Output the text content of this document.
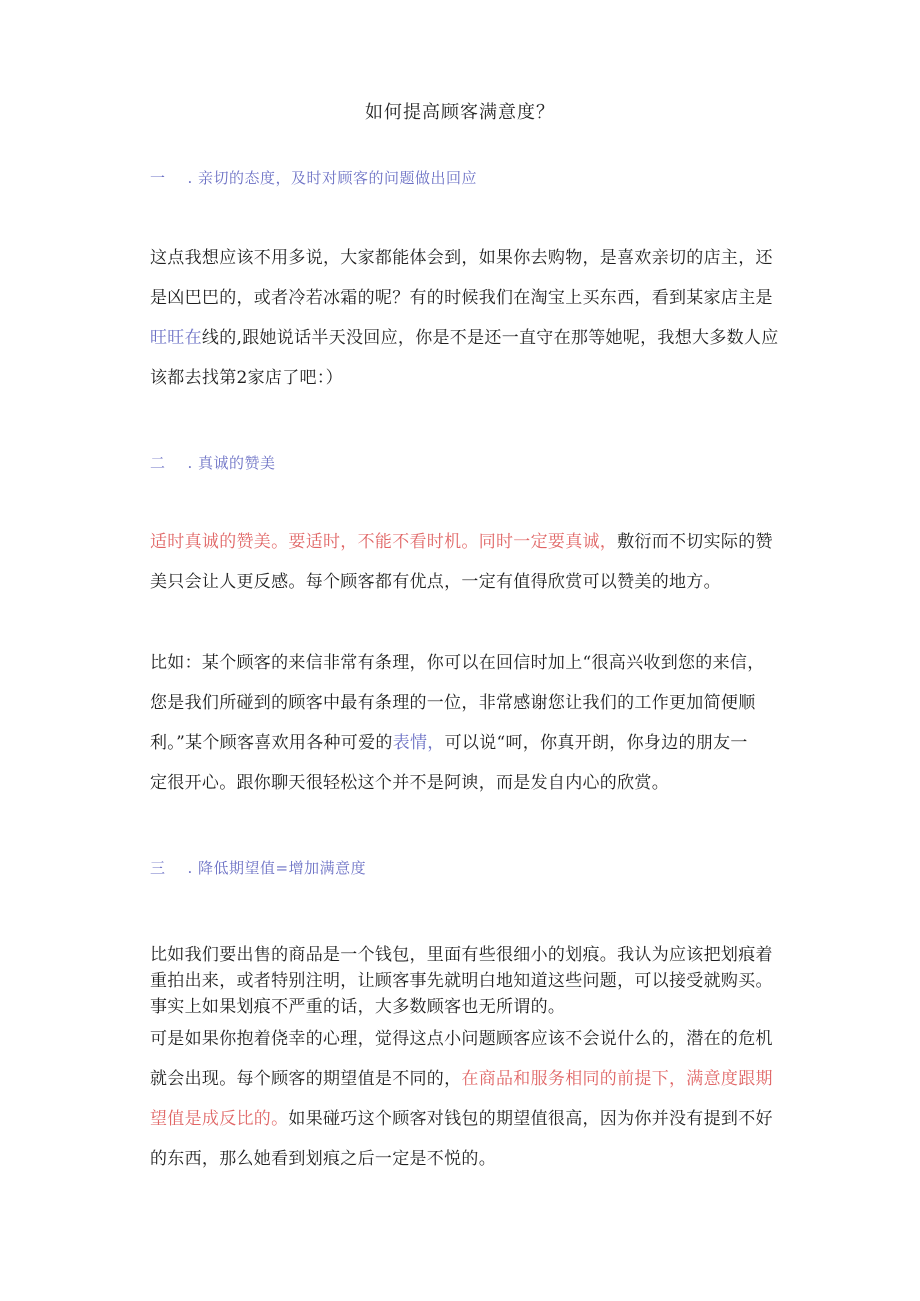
如何提高顾客满意度？
一 . 亲切的态度，及时对顾客的问题做出回应
这点我想应该不用多说，大家都能体会到，如果你去购物，是喜欢亲切的店主，还
是凶巴巴的，或者冷若冰霜的呢？有的时候我们在淘宝上买东西，看到某家店主是
旺旺在线的,跟她说话半天没回应，你是不是还一直守在那等她呢，我想大多数人应
该都去找第2家店了吧：）
二 . 真诚的赞美
适时真诚的赞美。要适时，不能不看时机。同时一定要真诚，敷衍而不切实际的赞
美只会让人更反感。每个顾客都有优点，一定有值得欣赏可以赞美的地方。
比如：某个顾客的来信非常有条理，你可以在回信时加上“很高兴收到您的来信，
您是我们所碰到的顾客中最有条理的一位，非常感谢您让我们的工作更加简便顺
利。”某个顾客喜欢用各种可爱的表情，可以说“呵，你真开朗，你身边的朋友一
定很开心。跟你聊天很轻松这个并不是阿谀，而是发自内心的欣赏。
三 . 降低期望值=增加满意度
比如我们要出售的商品是一个钱包，里面有些很细小的划痕。我认为应该把划痕着
重拍出来，或者特别注明，让顾客事先就明白地知道这些问题，可以接受就购买。
事实上如果划痕不严重的话，大多数顾客也无所谓的。
可是如果你抱着侥幸的心理，觉得这点小问题顾客应该不会说什么的，潜在的危机
就会出现。每个顾客的期望值是不同的，在商品和服务相同的前提下，满意度跟期
望值是成反比的。如果碰巧这个顾客对钱包的期望值很高，因为你并没有提到不好
的东西，那么她看到划痕之后一定是不悦的。
